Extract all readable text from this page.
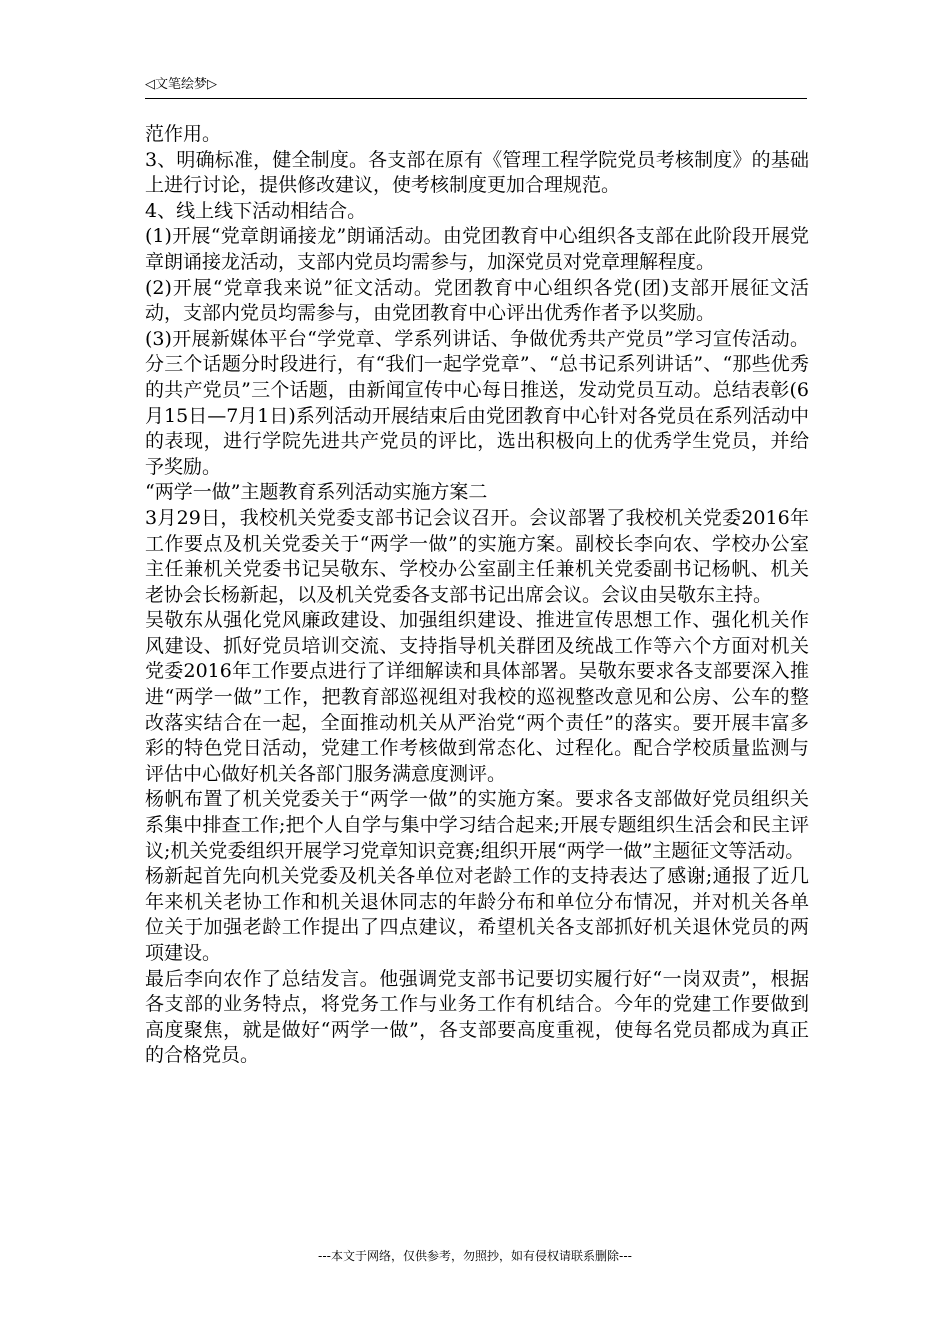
◁文笔绘梦▷

范作用。

3、明确标准，健全制度。各支部在原有《管理工程学院党员考核制度》的基础上进行讨论，提供修改建议，使考核制度更加合理规范。

4、线上线下活动相结合。

(1)开展“党章朗诵接龙”朗诵活动。由党团教育中心组织各支部在此阶段开展党章朗诵接龙活动，支部内党员均需参与，加深党员对党章理解程度。

(2)开展“党章我来说”征文活动。党团教育中心组织各党(团)支部开展征文活动，支部内党员均需参与，由党团教育中心评出优秀作者予以奖励。

(3)开展新媒体平台“学党章、学系列讲话、争做优秀共产党员”学习宣传活动。分三个话题分时段进行，有“我们一起学党章”、“总书记系列讲话”、“那些优秀的共产党员”三个话题，由新闻宣传中心每日推送，发动党员互动。总结表彰(6月15日—7月1日)系列活动开展结束后由党团教育中心针对各党员在系列活动中的表现，进行学院先进共产党员的评比，选出积极向上的优秀学生党员，并给予奖励。

“两学一做”主题教育系列活动实施方案二

3月29日，我校机关党委支部书记会议召开。会议部署了我校机关党委2016年工作要点及机关党委关于“两学一做”的实施方案。副校长李向农、学校办公室主任兼机关党委书记吴敬东、学校办公室副主任兼机关党委副书记杨帆、机关老协会长杨新起，以及机关党委各支部书记出席会议。会议由吴敬东主持。

吴敬东从强化党风廉政建设、加强组织建设、推进宣传思想工作、强化机关作风建设、抓好党员培训交流、支持指导机关群团及统战工作等六个方面对机关党委2016年工作要点进行了详细解读和具体部署。吴敬东要求各支部要深入推进“两学一做”工作，把教育部巡视组对我校的巡视整改意见和公房、公车的整改落实结合在一起，全面推动机关从严治党“两个责任”的落实。要开展丰富多彩的特色党日活动，党建工作考核做到常态化、过程化。配合学校质量监测与评估中心做好机关各部门服务满意度测评。

杨帆布置了机关党委关于“两学一做”的实施方案。要求各支部做好党员组织关系集中排查工作;把个人自学与集中学习结合起来;开展专题组织生活会和民主评议;机关党委组织开展学习党章知识竞赛;组织开展“两学一做”主题征文等活动。

杨新起首先向机关党委及机关各单位对老龄工作的支持表达了感谢;通报了近几年来机关老协工作和机关退休同志的年龄分布和单位分布情况，并对机关各单位关于加强老龄工作提出了四点建议，希望机关各支部抓好机关退休党员的两项建设。

最后李向农作了总结发言。他强调党支部书记要切实履行好“一岗双责”，根据各支部的业务特点，将党务工作与业务工作有机结合。今年的党建工作要做到高度聚焦，就是做好“两学一做”，各支部要高度重视，使每名党员都成为真正的合格党员。

---本文于网络，仅供参考，勿照抄，如有侵权请联系删除---
